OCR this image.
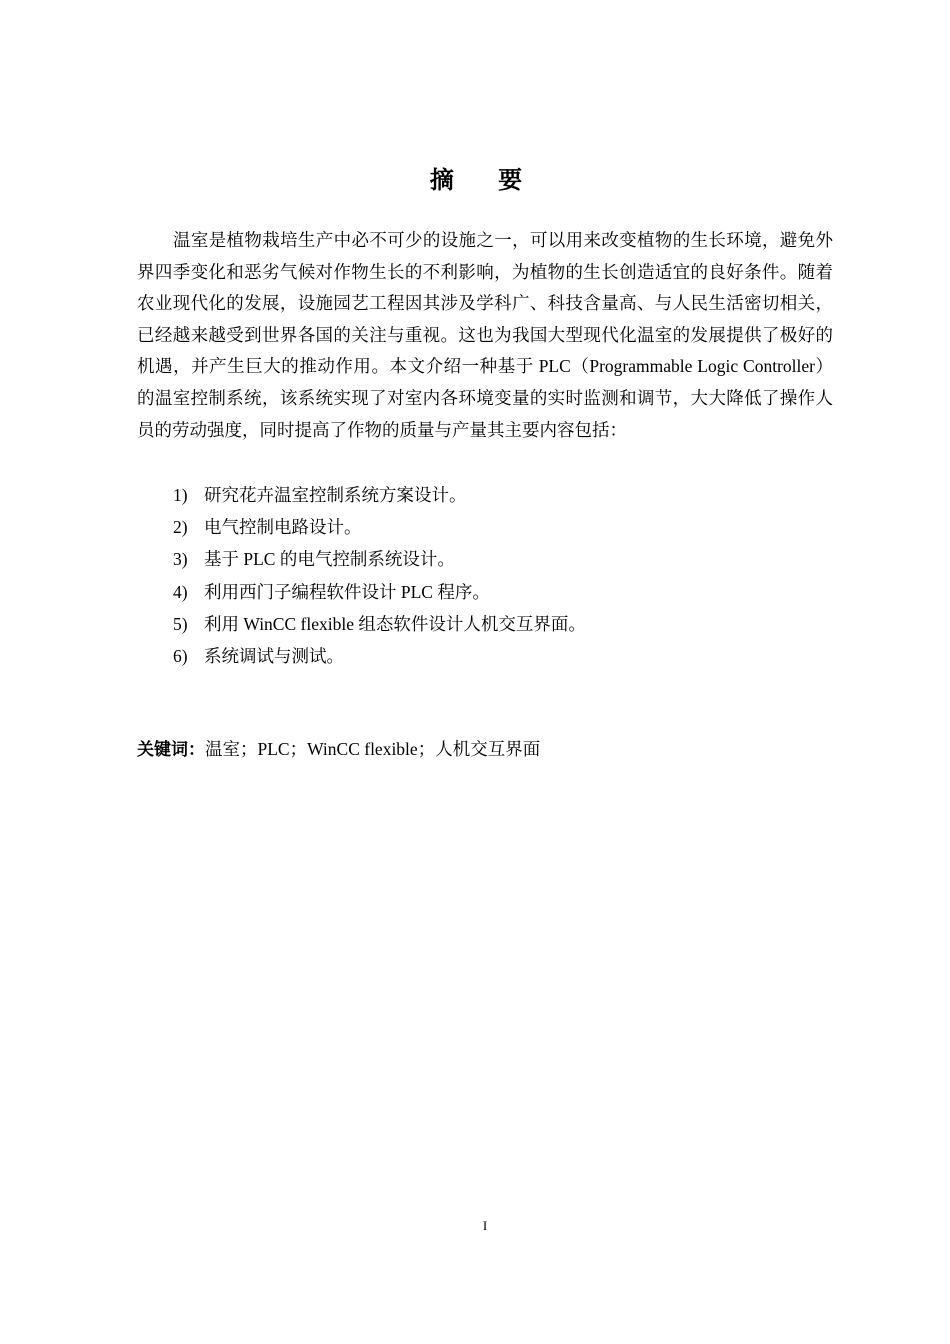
摘 要

温室是植物栽培生产中必不可少的设施之一，可以用来改变植物的生长环境，避免外界四季变化和恶劣气候对作物生长的不利影响，为植物的生长创造适宜的良好条件。随着农业现代化的发展，设施园艺工程因其涉及学科广、科技含量高、与人民生活密切相关，已经越来越受到世界各国的关注与重视。这也为我国大型现代化温室的发展提供了极好的机遇，并产生巨大的推动作用。本文介绍一种基于 PLC（Programmable Logic Controller）的温室控制系统，该系统实现了对室内各环境变量的实时监测和调节，大大降低了操作人员的劳动强度，同时提高了作物的质量与产量其主要内容包括：

1) 研究花卉温室控制系统方案设计。
2) 电气控制电路设计。
3) 基于 PLC 的电气控制系统设计。
4) 利用西门子编程软件设计 PLC 程序。
5) 利用 WinCC flexible 组态软件设计人机交互界面。
6) 系统调试与测试。
关键词：温室；PLC；WinCC flexible；人机交互界面
I
